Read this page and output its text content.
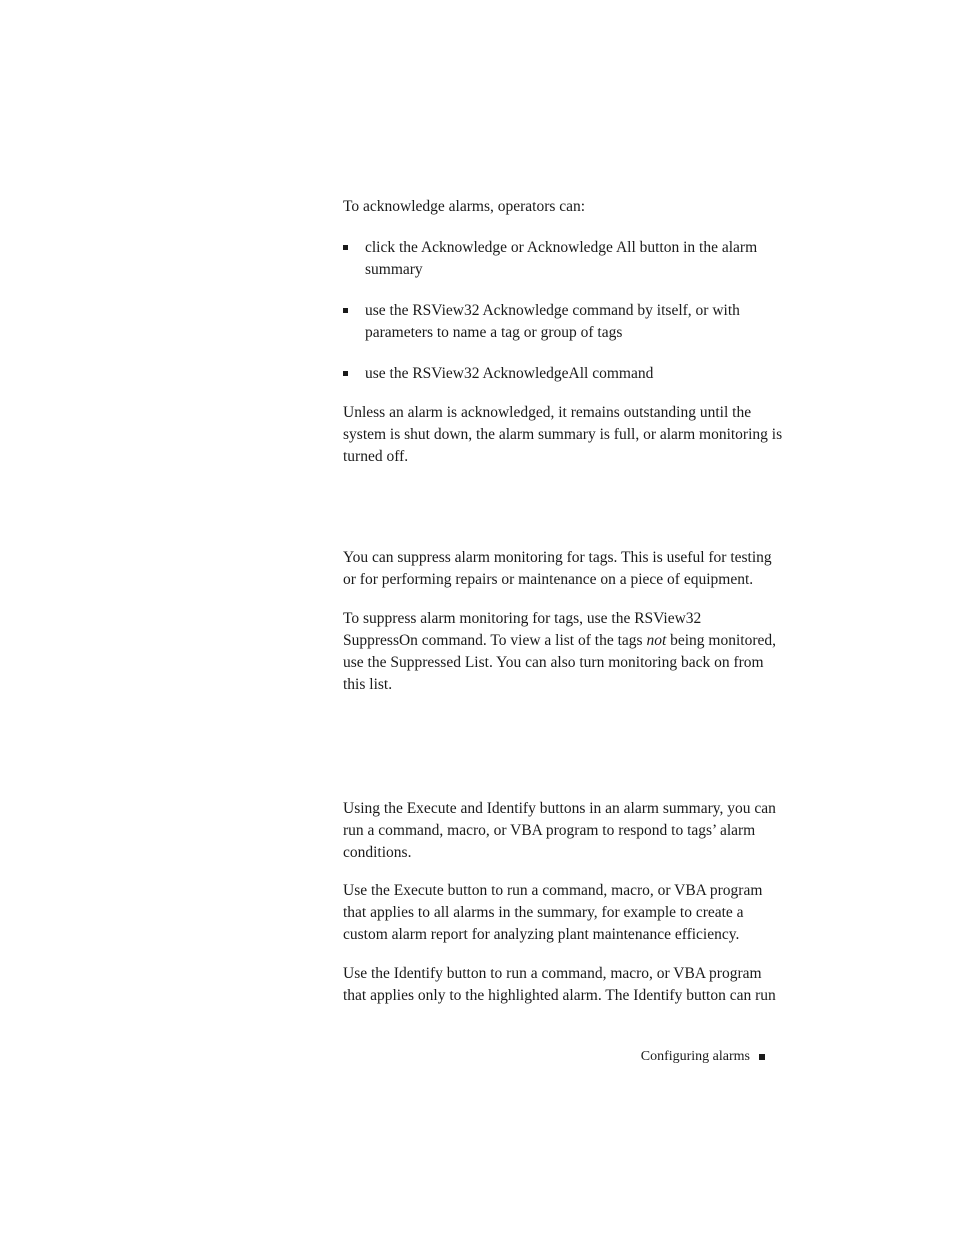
To acknowledge alarms, operators can:

click the Acknowledge or Acknowledge All button in the alarm
summary
use the RSView32 Acknowledge command by itself, or with
parameters to name a tag or group of tags
use the RSView32 AcknowledgeAll command

Unless an alarm is acknowledged, it remains outstanding until the
system is shut down, the alarm summary is full, or alarm monitoring is
turned off.

You can suppress alarm monitoring for tags. This is useful for testing
or for performing repairs or maintenance on a piece of equipment.

To suppress alarm monitoring for tags, use the RSView32
SuppressOn command. To view a list of the tags not being monitored,
use the Suppressed List. You can also turn monitoring back on from
this list.

Using the Execute and Identify buttons in an alarm summary, you can
run a command, macro, or VBA program to respond to tags’ alarm
conditions.

Use the Execute button to run a command, macro, or VBA program
that applies to all alarms in the summary, for example to create a
custom alarm report for analyzing plant maintenance efficiency.

Use the Identify button to run a command, macro, or VBA program
that applies only to the highlighted alarm. The Identify button can run

Configuring alarms
